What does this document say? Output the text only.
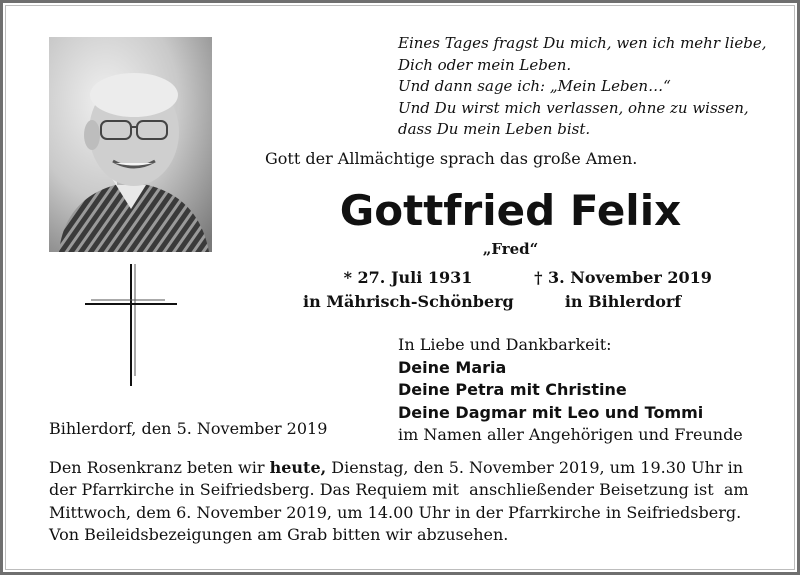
Eines Tages fragst Du mich, wen ich mehr liebe,
Dich oder mein Leben.
Und dann sage ich: „Mein Leben…“
Und Du wirst mich verlassen, ohne zu wissen,
dass Du mein Leben bist.
Gott der Allmächtige sprach das große Amen.
Gottfried Felix
„Fred“
* 27. Juli 1931
in Mährisch-Schönberg
† 3. November 2019
in Bihlerdorf
In Liebe und Dankbarkeit:
Deine Maria
Deine Petra mit Christine
Deine Dagmar mit Leo und Tommi
im Namen aller Angehörigen und Freunde
Bihlerdorf, den 5. November 2019
Den Rosenkranz beten wir heute, Dienstag, den 5. November 2019, um 19.30 Uhr in
der Pfarrkirche in Seifriedsberg. Das Requiem mit  anschließender Beisetzung ist  am
Mittwoch, dem 6. November 2019, um 14.00 Uhr in der Pfarrkirche in Seifriedsberg.
Von Beileidsbezeigungen am Grab bitten wir abzusehen.
